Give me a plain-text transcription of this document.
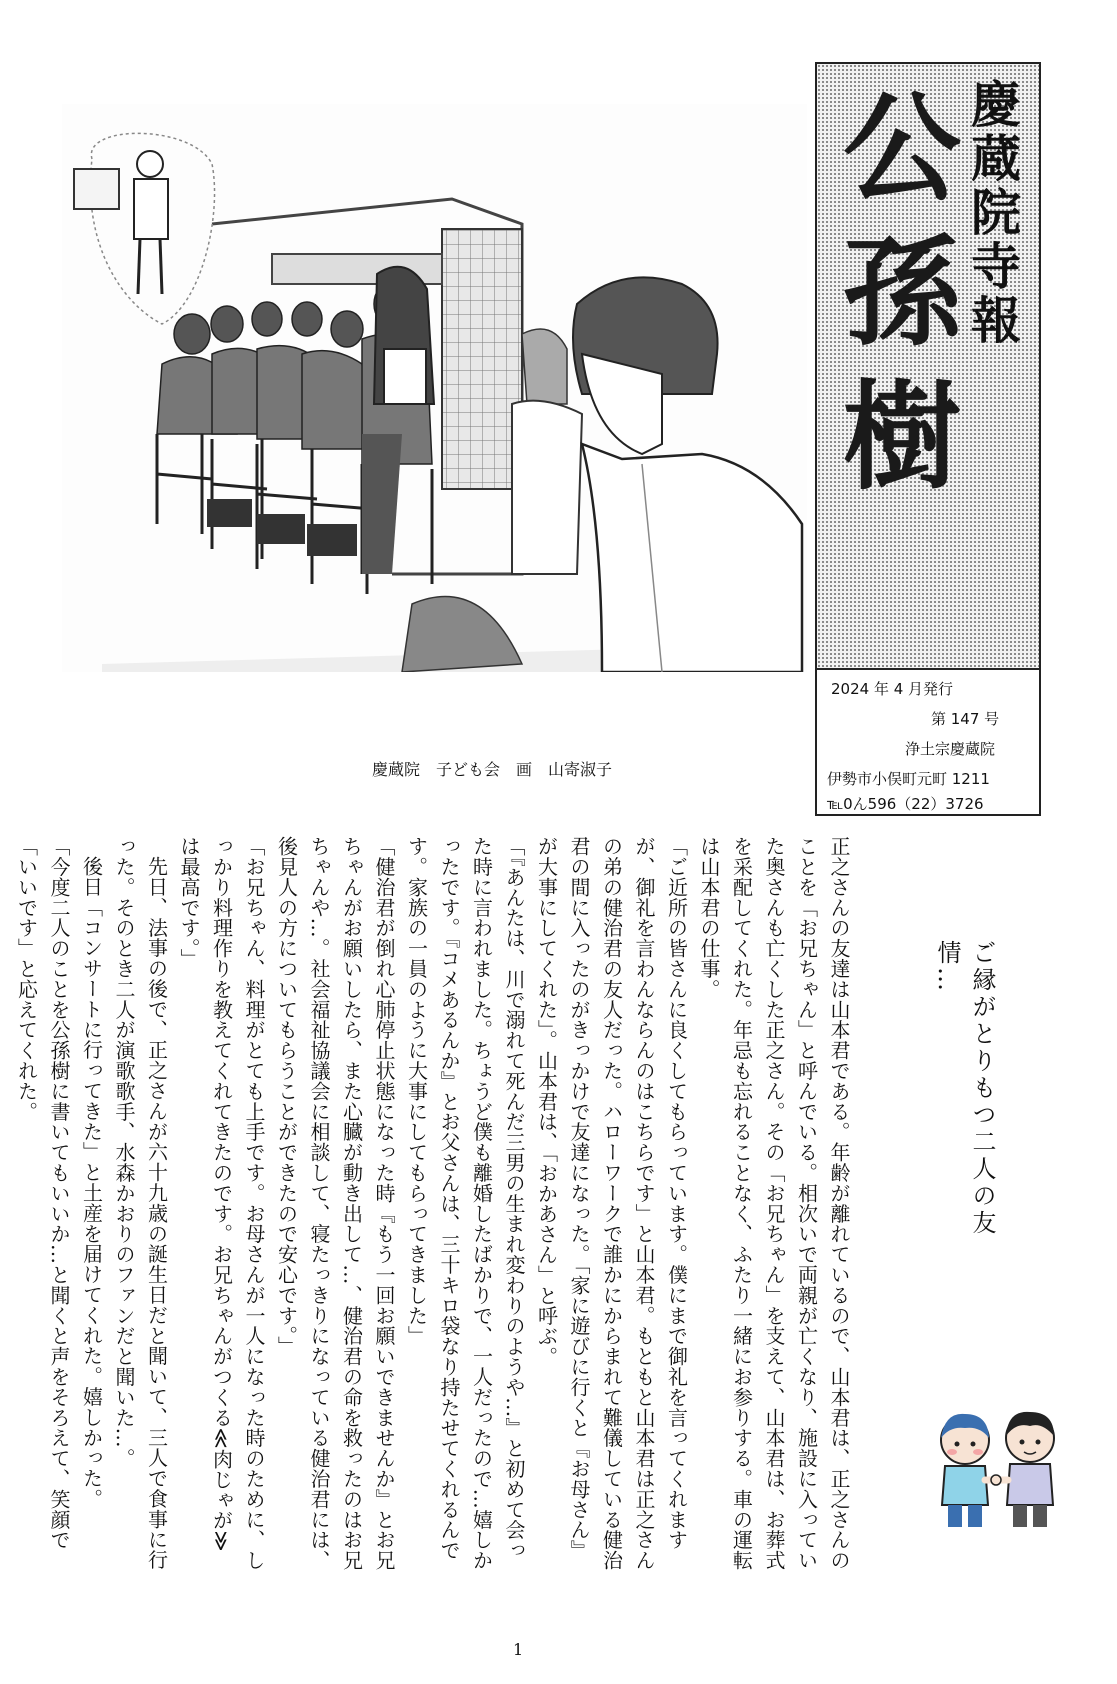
慶蔵院寺報
公孫樹
2024 年 4 月発行
第 147 号
浄土宗慶蔵院
伊勢市小俣町元町 1211
℡0ん596（22）3726
慶蔵院　子ども会　画　山寄淑子
ご縁がとりもつ二人の友情…

正之さんの友達は山本君である。年齢が離れているので、山本君は、正之さんのことを「お兄ちゃん」と呼んでいる。相次いで両親が亡くなり、施設に入っていた奥さんも亡くした正之さん。その「お兄ちゃん」を支えて、山本君は、お葬式を采配してくれた。年忌も忘れることなく、ふたり一緒にお参りする。車の運転は山本君の仕事。

「ご近所の皆さんに良くしてもらっています。僕にまで御礼を言ってくれますが、御礼を言わんならんのはこちらです」と山本君。もともと山本君は正之さんの弟の健治君の友人だった。ハローワークで誰かにからまれて難儀している健治君の間に入ったのがきっかけで友達になった。「家に遊びに行くと『お母さん』が大事にしてくれた」。山本君は、「おかあさん」と呼ぶ。

「『あんたは、川で溺れて死んだ三男の生まれ変わりのようや…』と初めて会った時に言われました。ちょうど僕も離婚したばかりで、一人だったので…嬉しかったです。『コメあるんか』とお父さんは、三十キロ袋なり持たせてくれるんです。家族の一員のように大事にしてもらってきました」

「健治君が倒れ心肺停止状態になった時『もう一回お願いできませんか』とお兄ちゃんがお願いしたら、また心臓が動き出して…、健治君の命を救ったのはお兄ちゃんや…。社会福祉協議会に相談して、寝たっきりになっている健治君には、後見人の方についてもらうことができたので安心です。」

「お兄ちゃん、料理がとても上手です。お母さんが一人になった時のために、しっかり料理作りを教えてくれてきたのです。お兄ちゃんがつくる≪肉じゃが≫は最高です。」

先日、法事の後で、正之さんが六十九歳の誕生日だと聞いて、三人で食事に行った。そのとき二人が演歌歌手、水森かおりのファンだと聞いた…。

後日「コンサートに行ってきた」と土産を届けてくれた。嬉しかった。

「今度二人のことを公孫樹に書いてもいいか…と聞くと声をそろえて、笑顔で「いいです」と応えてくれた。

1
